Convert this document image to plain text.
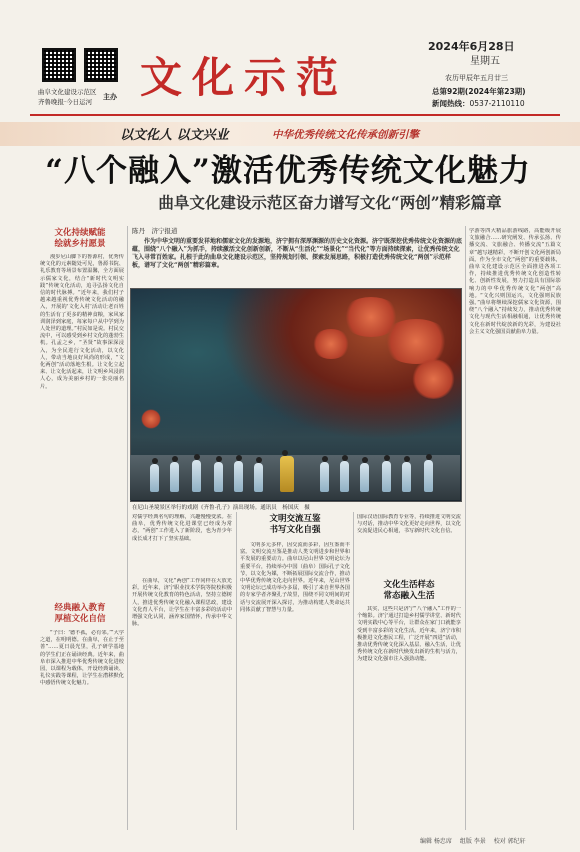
曲阜文化建设示范区
齐鲁晚报·今日运河
主办 文化示范
2024年6月28日
星期五
农历甲辰年五月廿三
总第92期(2024年第23期)
新闻热线：0537-2110110
以文化人 以文兴业	中华优秀传统文化传承创新引擎
“八个融入”激活优秀传统文化魅力
曲阜文化建设示范区奋力谱写文化“两创”精彩篇章
文化持续赋能
绘就乡村愿景
漫步尼山脚下的鲁源村，优秀传统文化的元素随处可见，鲁源书院、礼乐教育等场景布置温馨，全方面展示儒家文化，结合“新时代文明实践”传统文化活动，追寻弘扬文化自信的时代脉搏。“近年来，我们村子越来越重视优秀传统文化活动的融入，开展的‘文化入村’活动让老百姓的生活有了更多的精神食粮，家风家训润泽到家庭，每家每户从中学到为人处世的道理。”村民如是说。村民交流中，可以感受到乡村文化的蓬勃生机。孔孟之乡，“圣贤”故事深深浸入，为全民进行文化活动，以文化人，带动当地良好风尚的形成，“文化两创”活动落地生根。让文化立起来、让文化活起来，让文明乡风浸润人心，成为美丽乡村的一张亮丽名片。
经典融入教育
厚植文化自信
“子曰：‘德不孤，必有邻。’”大学之道，在明明德。在曲阜，在止于至善”……夏日晨光里，孔子研学基地的学生们正在诵读经典。近年来，曲阜市深入推进中华优秀传统文化进校园，以课程为载体，开设经典诵读、礼仪实践等课程，让学生在潜移默化中感悟传统文化魅力。
陈丹　济宁报道
作为中华文明的重要发祥地和儒家文化的发源地，济宁拥有深厚渊源的历史文化资源。济宁既深挖优秀传统文化资源的底蕴，围绕“八个融入”为抓手，持续激活文化创新创新，不断从“生活化”“场景化”“当代化”等方面持续探索，让优秀传统文化飞入寻常百姓家。扎根于此的曲阜文化建设示范区，坚持规划引领、探索发展思路，积极打造优秀传统文化“两创”示范样板，谱写了文化“两创”精彩篇章。
在尼山圣境景区举行的戏剧《齐鲁·孔子》演出现场。通讯员　杨国庆　摄
对儒学经典名句的理解，兴趣慢慢变浓。在曲阜，优秀传统文化进课堂已经成为常态，“两创”工作进入了新阶段，也为青少年成长成才打下了坚实基础。
在曲阜，文化“两创”工作同样在大放光彩。近年来，济宁职业技术学院等院校积极开展传统文化教育的特色活动，坚持立德树人，推进优秀传统文化融入课程思政，建设文化育人平台，让学生在丰富多彩的活动中增强文化认同，涵养家国情怀，传承中华文脉。
文明交流互鉴
书写文化自强
文明多元多样，因交流而多彩，因互鉴而丰富。文明交流互鉴是推动人类文明进步和世界和平发展的重要动力。曲阜以尼山世界文明论坛为重要平台，持续举办中国（曲阜）国际孔子文化节，以文化为媒，不断拓展国际交流合作，推动中华优秀传统文化走向世界。近年来，尼山世界文明论坛已成功举办多届，吸引了来自世界各国的专家学者齐聚孔子故里，围绕不同文明间的对话与交流展开深入探讨，为推动构建人类命运共同体贡献了智慧与力量。
国际汉语国际教育专业等，持续推进文明交流与对话，推动中华文化更好走向世界，以文化交流促进民心相通，书写新时代文化自信。
文化生活样态
常态融入生活
其实，这些只是济宁“八个融入”工作的一个缩影。济宁通过打造乡村儒学讲堂、新时代文明实践中心等平台，让群众在家门口就能享受到丰富多彩的文化生活。近年来，济宁市积极推进文化惠民工程，广泛开展“四进”活动，推动优秀传统文化深入基层、融入生活，让优秀传统文化在新时代焕发出新的生机与活力，为建设文化强市注入强劲动能。
学游等四大精品旅游线路，高能级开展文旅融合……研究阐发、传承弘扬、传播交流、文旅融合、传播交流“五篇文章”越写越精彩，不断开创文化两创新局面。作为全市文化“两创”的重要载体，曲阜文化建设示范区全面推进各项工作，持续推进优秀传统文化创造性转化、创新性发展，努力打造具有国际影响力的中华优秀传统文化“两创”高地。“文化兴则国运兴，文化强则民族强。”曲阜将继续深挖儒家文化资源，围绕“八个融入”持续发力，推动优秀传统文化与现代生活相融相通，让优秀传统文化在新时代绽放新的光彩，为建设社会主义文化强国贡献曲阜力量。
编辑 杨忠席 组版 李景 校对 郭纪轩
